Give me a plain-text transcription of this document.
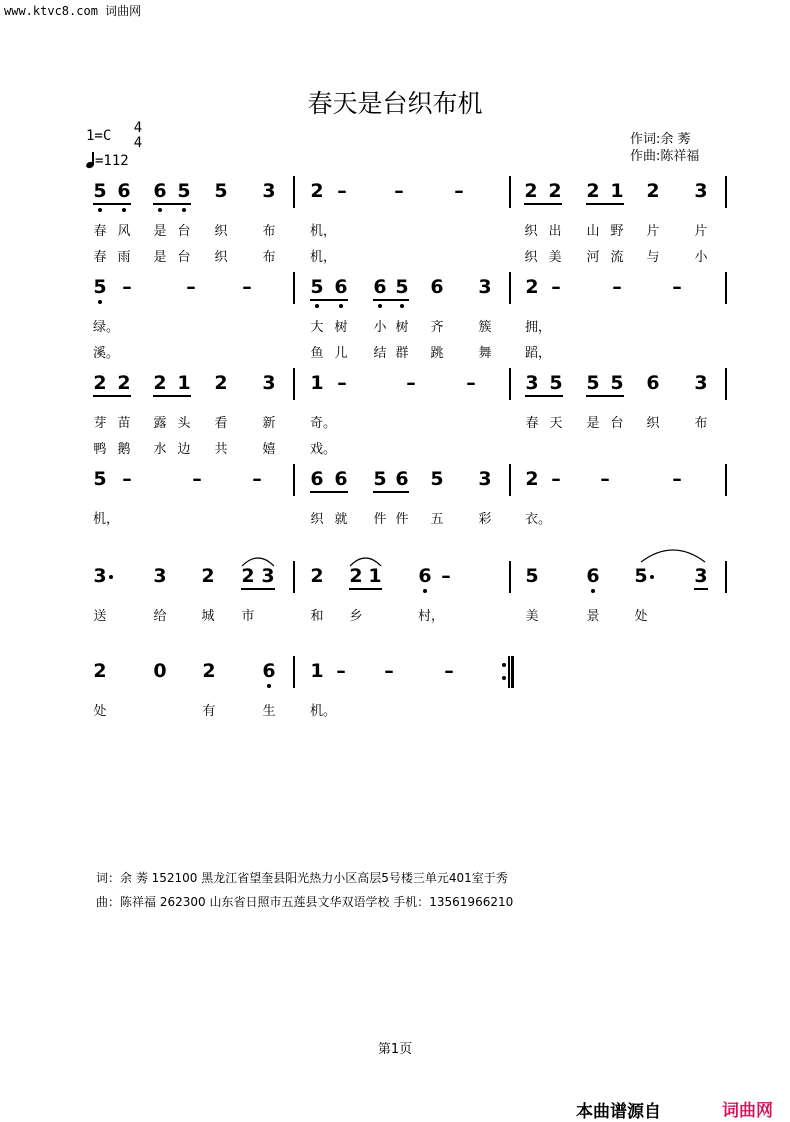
www.ktvc8.com 词曲网
春天是台织布机
1=C 4
4
=112
作词:余 莠
作曲:陈祥福
5 6 6 5 5 3 2 –	–	–	2 2 2 1 2 3
春 风 是 台 织	布	机，	织 出 山 野 片	片
春 雨 是 台 织	布	机，	织 美 河 流 与	小
5 –	– –	5 6 6 5 6 3 2 –	–	–
绿。	大 树 小 树 齐	簇	拥，
溪。	鱼 儿 结 群 跳	舞	蹈，
2 2 2 1 2 3 1 –	–	–	3 5 5 5 6 3
芽 苗 露 头 看	新	奇。	春 天 是 台 织	布
鸭 鹅 水 边 共	嬉	戏。
5 –	–	–	6 6 5 6 5 3 2 – –	–
机，	织 就 件 件 五	彩	衣。
3 3 2 2 3 2 2 1 6 –	5	6 5 3
送	给	城 市	和 乡	村，	美	景	处
2 0 2 6 1 – –	–
处	有	生	机。
词：余 莠 152100 黑龙江省望奎县阳光热力小区高层5号楼三单元401室于秀
曲：陈祥福 262300 山东省日照市五莲县文华双语学校 手机：13561966210
第1页
本曲谱源自	词曲网
